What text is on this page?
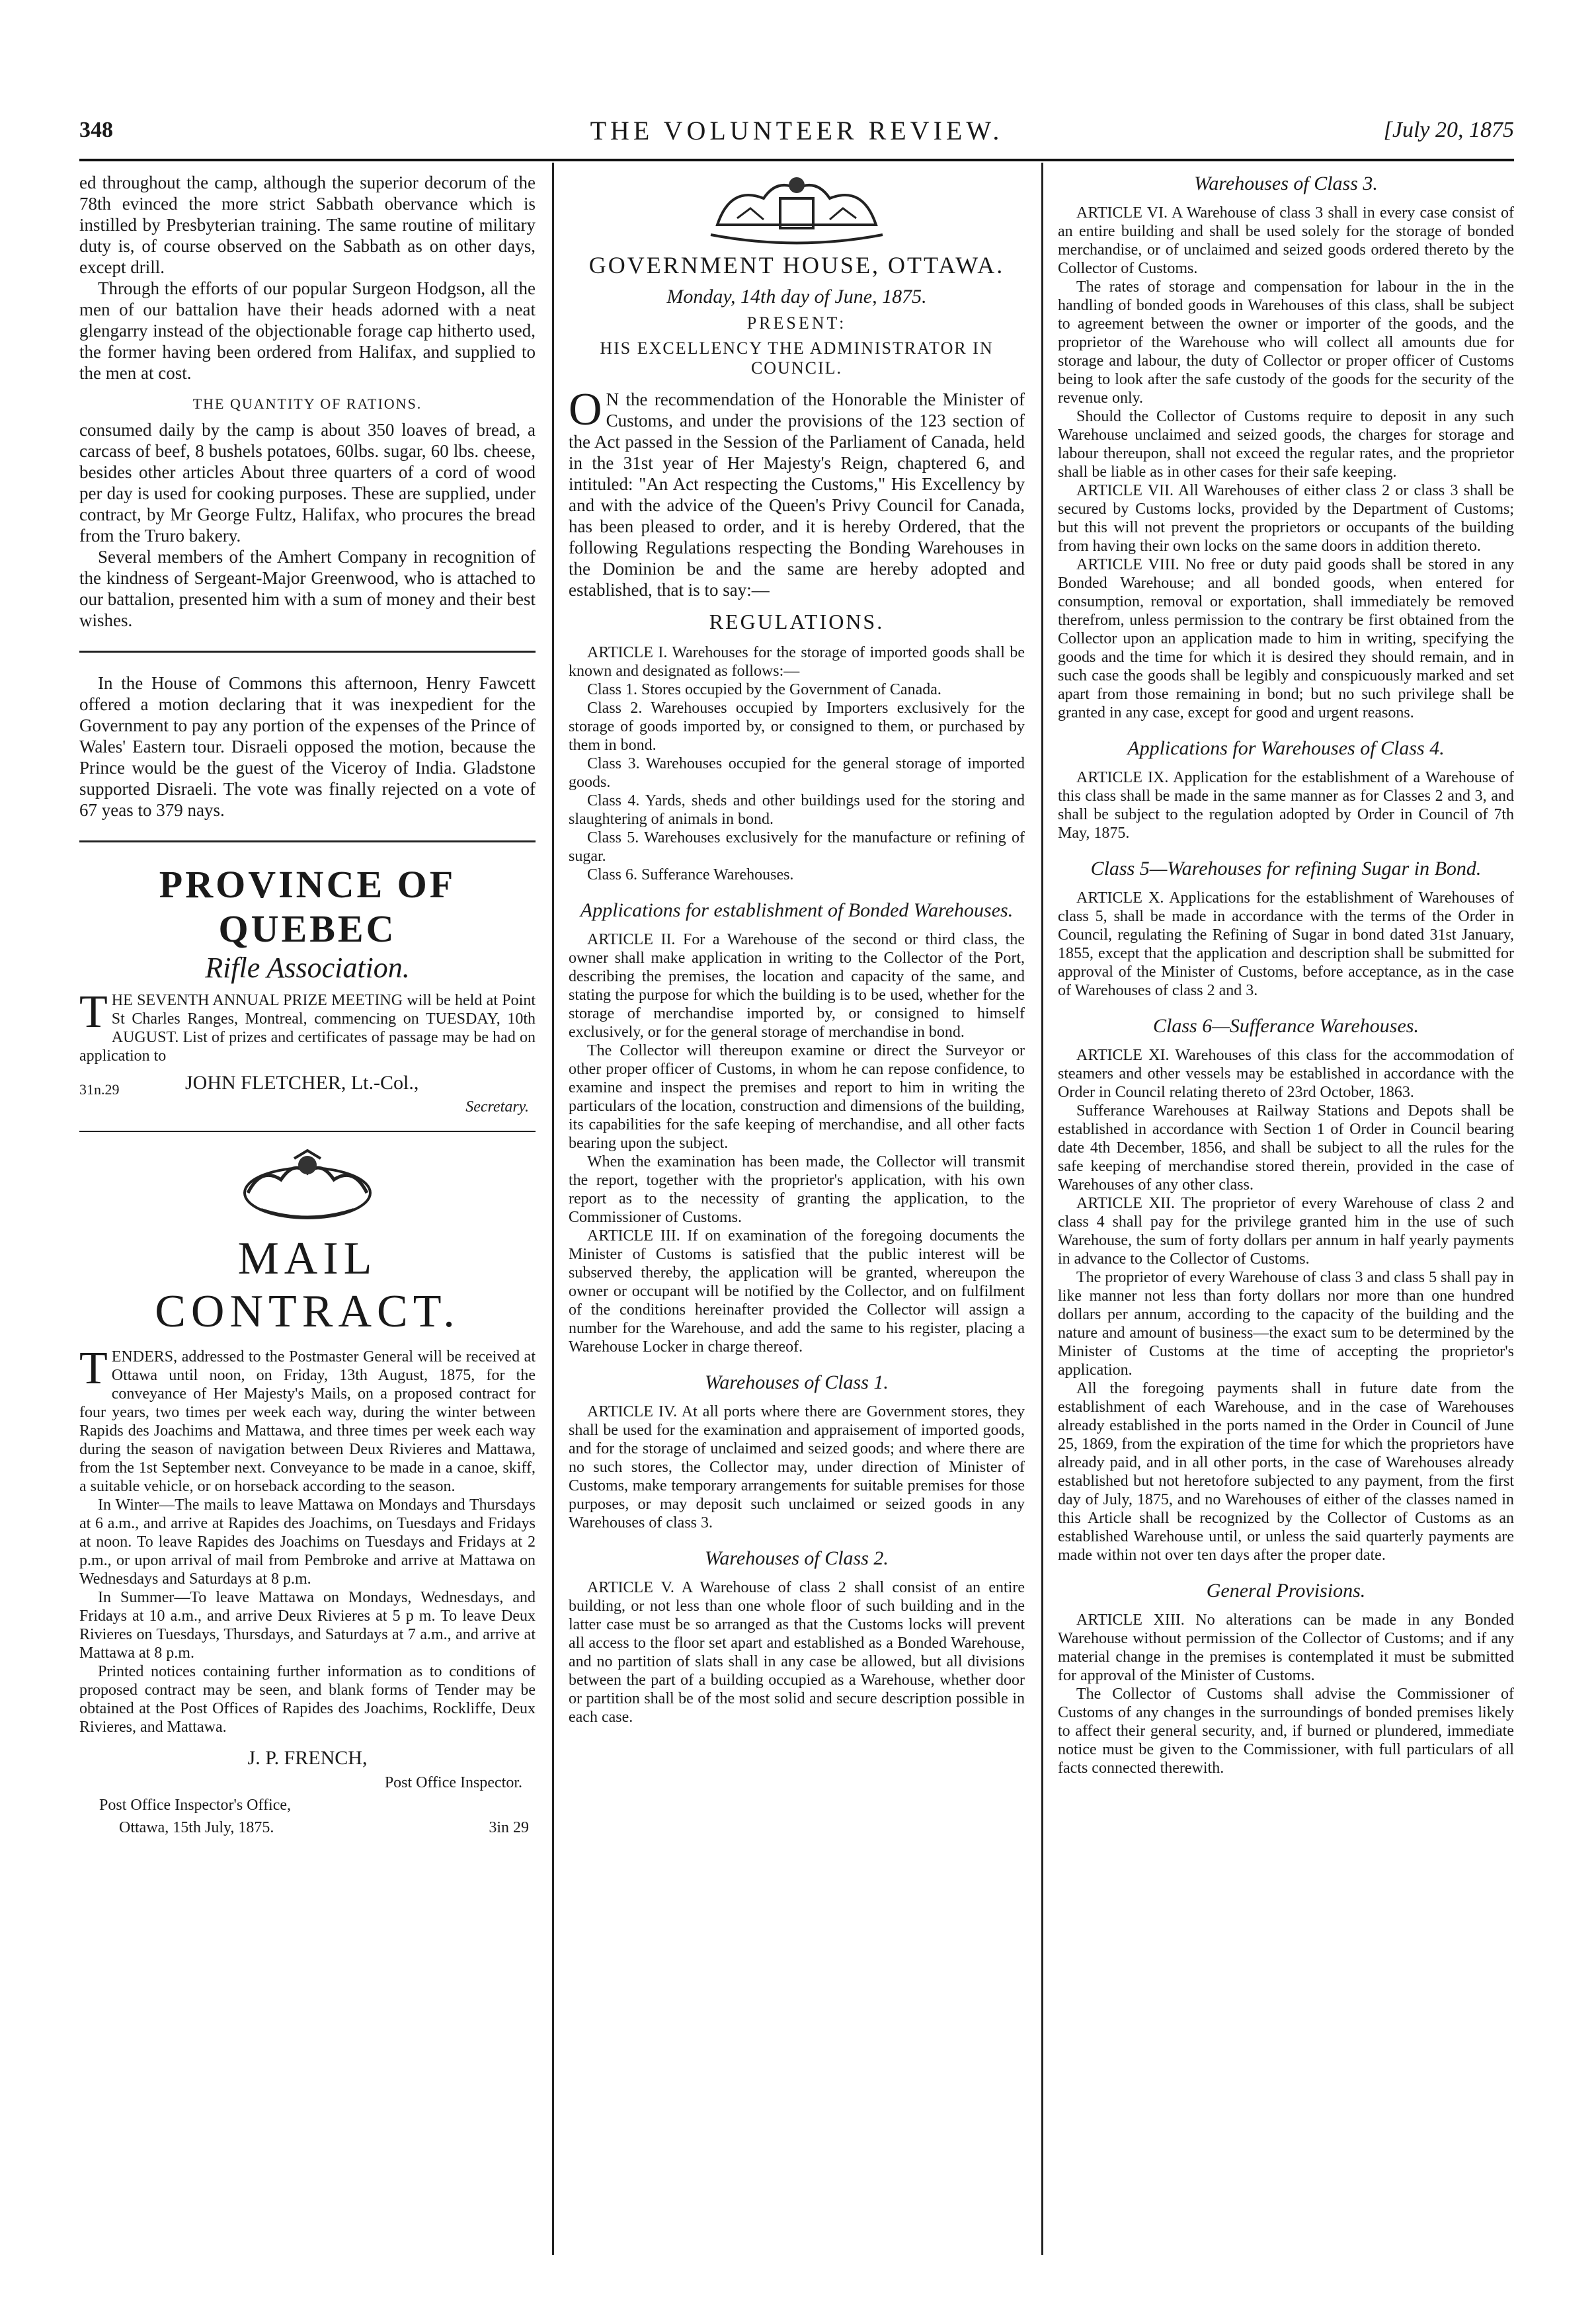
348	THE VOLUNTEER REVIEW.	[July 20, 1875

ed throughout the camp, although the superior decorum of the 78th evinced the more strict Sabbath obervance which is instilled by Presbyterian training. The same routine of military duty is, of course observed on the Sabbath as on other days, except drill.

Through the efforts of our popular Surgeon Hodgson, all the men of our battalion have their heads adorned with a neat glengarry instead of the objectionable forage cap hitherto used, the former having been ordered from Halifax, and supplied to the men at cost.

THE QUANTITY OF RATIONS.

consumed daily by the camp is about 350 loaves of bread, a carcass of beef, 8 bushels potatoes, 60lbs. sugar, 60 lbs. cheese, besides other articles About three quarters of a cord of wood per day is used for cooking purposes. These are supplied, under contract, by Mr George Fultz, Halifax, who procures the bread from the Truro bakery.

Several members of the Amhert Company in recognition of the kindness of Sergeant-Major Greenwood, who is attached to our battalion, presented him with a sum of money and their best wishes.

In the House of Commons this afternoon, Henry Fawcett offered a motion declaring that it was inexpedient for the Government to pay any portion of the expenses of the Prince of Wales' Eastern tour. Disraeli opposed the motion, because the Prince would be the guest of the Viceroy of India. Gladstone supported Disraeli. The vote was finally rejected on a vote of 67 yeas to 379 nays.

PROVINCE OF QUEBEC
Rifle Association.

THE SEVENTH ANNUAL PRIZE MEETING will be held at Point St Charles Ranges, Montreal, commencing on TUESDAY, 10th AUGUST. List of prizes and certificates of passage may be had on application to

31n.29	JOHN FLETCHER, Lt.-Col.,
Secretary.
MAIL CONTRACT.

TENDERS, addressed to the Postmaster General will be received at Ottawa until noon, on Friday, 13th August, 1875, for the conveyance of Her Majesty's Mails, on a proposed contract for four years, two times per week each way, during the winter between Rapids des Joachims and Mattawa, and three times per week each way during the season of navigation between Deux Rivieres and Mattawa, from the 1st September next. Conveyance to be made in a canoe, skiff, a suitable vehicle, or on horseback according to the season.

In Winter—The mails to leave Mattawa on Mondays and Thursdays at 6 a.m., and arrive at Rapides des Joachims, on Tuesdays and Fridays at noon. To leave Rapides des Joachims on Tuesdays and Fridays at 2 p.m., or upon arrival of mail from Pembroke and arrive at Mattawa on Wednesdays and Saturdays at 8 p.m.

In Summer—To leave Mattawa on Mondays, Wednesdays, and Fridays at 10 a.m., and arrive Deux Rivieres at 5 p m. To leave Deux Rivieres on Tuesdays, Thursdays, and Saturdays at 7 a.m., and arrive at Mattawa at 8 p.m.

Printed notices containing further information as to conditions of proposed contract may be seen, and blank forms of Tender may be obtained at the Post Offices of Rapides des Joachims, Rockliffe, Deux Rivieres, and Mattawa.

J. P. FRENCH,
Post Office Inspector.
Post Office Inspector's Office,
Ottawa, 15th July, 1875.	3in 29
GOVERNMENT HOUSE, OTTAWA.
Monday, 14th day of June, 1875.
PRESENT:
HIS EXCELLENCY THE ADMINISTRATOR IN COUNCIL.

O N the recommendation of the Honorable the Minister of Customs, and under the provisions of the 123 section of the Act passed in the Session of the Parliament of Canada, held in the 31st year of Her Majesty's Reign, chaptered 6, and intituled: "An Act respecting the Customs," His Excellency by and with the advice of the Queen's Privy Council for Canada, has been pleased to order, and it is hereby Ordered, that the following Regulations respecting the Bonding Warehouses in the Dominion be and the same are hereby adopted and established, that is to say:—

REGULATIONS.

ARTICLE I. Warehouses for the storage of imported goods shall be known and designated as follows:—

Class 1. Stores occupied by the Government of Canada.

Class 2. Warehouses occupied by Importers exclusively for the storage of goods imported by, or consigned to them, or purchased by them in bond.

Class 3. Warehouses occupied for the general storage of imported goods.

Class 4. Yards, sheds and other buildings used for the storing and slaughtering of animals in bond.

Class 5. Warehouses exclusively for the manufacture or refining of sugar.

Class 6. Sufferance Warehouses.

Applications for establishment of Bonded Warehouses.

ARTICLE II. For a Warehouse of the second or third class, the owner shall make application in writing to the Collector of the Port, describing the premises, the location and capacity of the same, and stating the purpose for which the building is to be used, whether for the storage of merchandise imported by, or consigned to himself exclusively, or for the general storage of merchandise in bond.

The Collector will thereupon examine or direct the Surveyor or other proper officer of Customs, in whom he can repose confidence, to examine and inspect the premises and report to him in writing the particulars of the location, construction and dimensions of the building, its capabilities for the safe keeping of merchandise, and all other facts bearing upon the subject.

When the examination has been made, the Collector will transmit the report, together with the proprietor's application, with his own report as to the necessity of granting the application, to the Commissioner of Customs.

ARTICLE III. If on examination of the foregoing documents the Minister of Customs is satisfied that the public interest will be subserved thereby, the application will be granted, whereupon the owner or occupant will be notified by the Collector, and on fulfilment of the conditions hereinafter provided the Collector will assign a number for the Warehouse, and add the same to his register, placing a Warehouse Locker in charge thereof.

Warehouses of Class 1.

ARTICLE IV. At all ports where there are Government stores, they shall be used for the examination and appraisement of imported goods, and for the storage of unclaimed and seized goods; and where there are no such stores, the Collector may, under direction of Minister of Customs, make temporary arrangements for suitable premises for those purposes, or may deposit such unclaimed or seized goods in any Warehouses of class 3.

Warehouses of Class 2.

ARTICLE V. A Warehouse of class 2 shall consist of an entire building, or not less than one whole floor of such building and in the latter case must be so arranged as that the Customs locks will prevent all access to the floor set apart and established as a Bonded Warehouse, and no partition of slats shall in any case be allowed, but all divisions between the part of a building occupied as a Warehouse, whether door or partition shall be of the most solid and secure description possible in each case.

Warehouses of Class 3.

ARTICLE VI. A Warehouse of class 3 shall in every case consist of an entire building and shall be used solely for the storage of bonded merchandise, or of unclaimed and seized goods ordered thereto by the Collector of Customs.

The rates of storage and compensation for labour in the in the handling of bonded goods in Warehouses of this class, shall be subject to agreement between the owner or importer of the goods, and the proprietor of the Warehouse who will collect all amounts due for storage and labour, the duty of Collector or proper officer of Customs being to look after the safe custody of the goods for the security of the revenue only.

Should the Collector of Customs require to deposit in any such Warehouse unclaimed and seized goods, the charges for storage and labour thereupon, shall not exceed the regular rates, and the proprietor shall be liable as in other cases for their safe keeping.

ARTICLE VII. All Warehouses of either class 2 or class 3 shall be secured by Customs locks, provided by the Department of Customs; but this will not prevent the proprietors or occupants of the building from having their own locks on the same doors in addition thereto.

ARTICLE VIII. No free or duty paid goods shall be stored in any Bonded Warehouse; and all bonded goods, when entered for consumption, removal or exportation, shall immediately be removed therefrom, unless permission to the contrary be first obtained from the Collector upon an application made to him in writing, specifying the goods and the time for which it is desired they should remain, and in such case the goods shall be legibly and conspicuously marked and set apart from those remaining in bond; but no such privilege shall be granted in any case, except for good and urgent reasons.

Applications for Warehouses of Class 4.

ARTICLE IX. Application for the establishment of a Warehouse of this class shall be made in the same manner as for Classes 2 and 3, and shall be subject to the regulation adopted by Order in Council of 7th May, 1875.

Class 5—Warehouses for refining Sugar in Bond.

ARTICLE X. Applications for the establishment of Warehouses of class 5, shall be made in accordance with the terms of the Order in Council, regulating the Refining of Sugar in bond dated 31st January, 1855, except that the application and description shall be submitted for approval of the Minister of Customs, before acceptance, as in the case of Warehouses of class 2 and 3.

Class 6—Sufferance Warehouses.

ARTICLE XI. Warehouses of this class for the accommodation of steamers and other vessels may be established in accordance with the Order in Council relating thereto of 23rd October, 1863.

Sufferance Warehouses at Railway Stations and Depots shall be established in accordance with Section 1 of Order in Council bearing date 4th December, 1856, and shall be subject to all the rules for the safe keeping of merchandise stored therein, provided in the case of Warehouses of any other class.

ARTICLE XII. The proprietor of every Warehouse of class 2 and class 4 shall pay for the privilege granted him in the use of such Warehouse, the sum of forty dollars per annum in half yearly payments in advance to the Collector of Customs.

The proprietor of every Warehouse of class 3 and class 5 shall pay in like manner not less than forty dollars nor more than one hundred dollars per annum, according to the capacity of the building and the nature and amount of business—the exact sum to be determined by the Minister of Customs at the time of accepting the proprietor's application.

All the foregoing payments shall in future date from the establishment of each Warehouse, and in the case of Warehouses already established in the ports named in the Order in Council of June 25, 1869, from the expiration of the time for which the proprietors have already paid, and in all other ports, in the case of Warehouses already established but not heretofore subjected to any payment, from the first day of July, 1875, and no Warehouses of either of the classes named in this Article shall be recognized by the Collector of Customs as an established Warehouse until, or unless the said quarterly payments are made within not over ten days after the proper date.

General Provisions.

ARTICLE XIII. No alterations can be made in any Bonded Warehouse without permission of the Collector of Customs; and if any material change in the premises is contemplated it must be submitted for approval of the Minister of Customs.

The Collector of Customs shall advise the Commissioner of Customs of any changes in the surroundings of bonded premises likely to affect their general security, and, if burned or plundered, immediate notice must be given to the Commissioner, with full particulars of all facts connected therewith.
